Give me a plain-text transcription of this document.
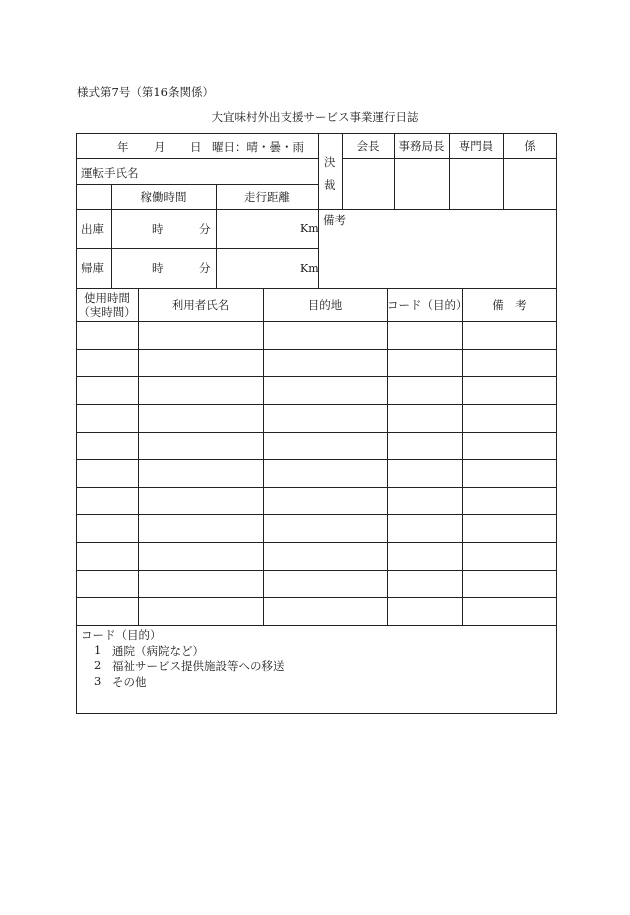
様式第7号（第16条関係）
大宜味村外出支援サービス事業運行日誌
年 月 日 曜日：晴・曇・雨
運転手氏名
稼働時間	走行距離
出庫	時	分	Km
帰庫	時	分	Km
決
裁
会長	事務局長	専門員	係
備考
使用時間
（実時間）	利用者氏名	目的地	コード（目的）	備　考
コード（目的）
1 通院（病院など）
2 福祉サービス提供施設等への移送
3 その他
